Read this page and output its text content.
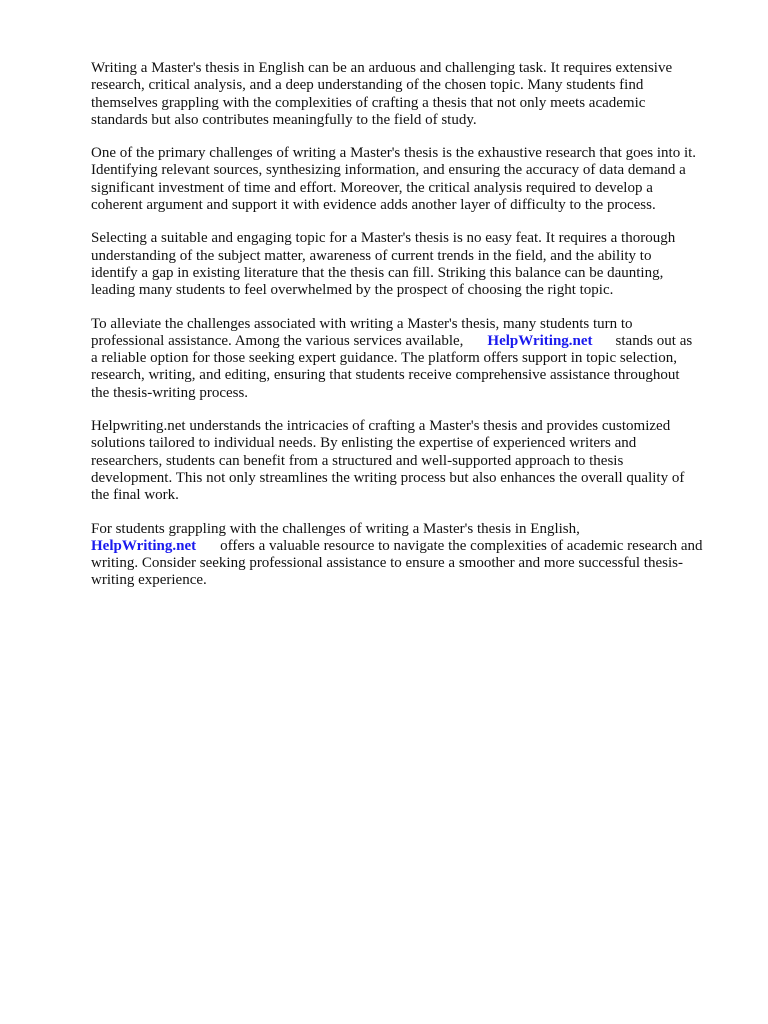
Writing a Master's thesis in English can be an arduous and challenging task. It requires extensive
research, critical analysis, and a deep understanding of the chosen topic. Many students find
themselves grappling with the complexities of crafting a thesis that not only meets academic
standards but also contributes meaningfully to the field of study.
One of the primary challenges of writing a Master's thesis is the exhaustive research that goes into it.
Identifying relevant sources, synthesizing information, and ensuring the accuracy of data demand a
significant investment of time and effort. Moreover, the critical analysis required to develop a
coherent argument and support it with evidence adds another layer of difficulty to the process.
Selecting a suitable and engaging topic for a Master's thesis is no easy feat. It requires a thorough
understanding of the subject matter, awareness of current trends in the field, and the ability to
identify a gap in existing literature that the thesis can fill. Striking this balance can be daunting,
leading many students to feel overwhelmed by the prospect of choosing the right topic.
To alleviate the challenges associated with writing a Master's thesis, many students turn to
professional assistance. Among the various services available, HelpWriting.net stands out as
a reliable option for those seeking expert guidance. The platform offers support in topic selection,
research, writing, and editing, ensuring that students receive comprehensive assistance throughout
the thesis-writing process.
Helpwriting.net understands the intricacies of crafting a Master's thesis and provides customized
solutions tailored to individual needs. By enlisting the expertise of experienced writers and
researchers, students can benefit from a structured and well-supported approach to thesis
development. This not only streamlines the writing process but also enhances the overall quality of
the final work.
For students grappling with the challenges of writing a Master's thesis in English,
HelpWriting.net offers a valuable resource to navigate the complexities of academic research and
writing. Consider seeking professional assistance to ensure a smoother and more successful thesis-
writing experience.
